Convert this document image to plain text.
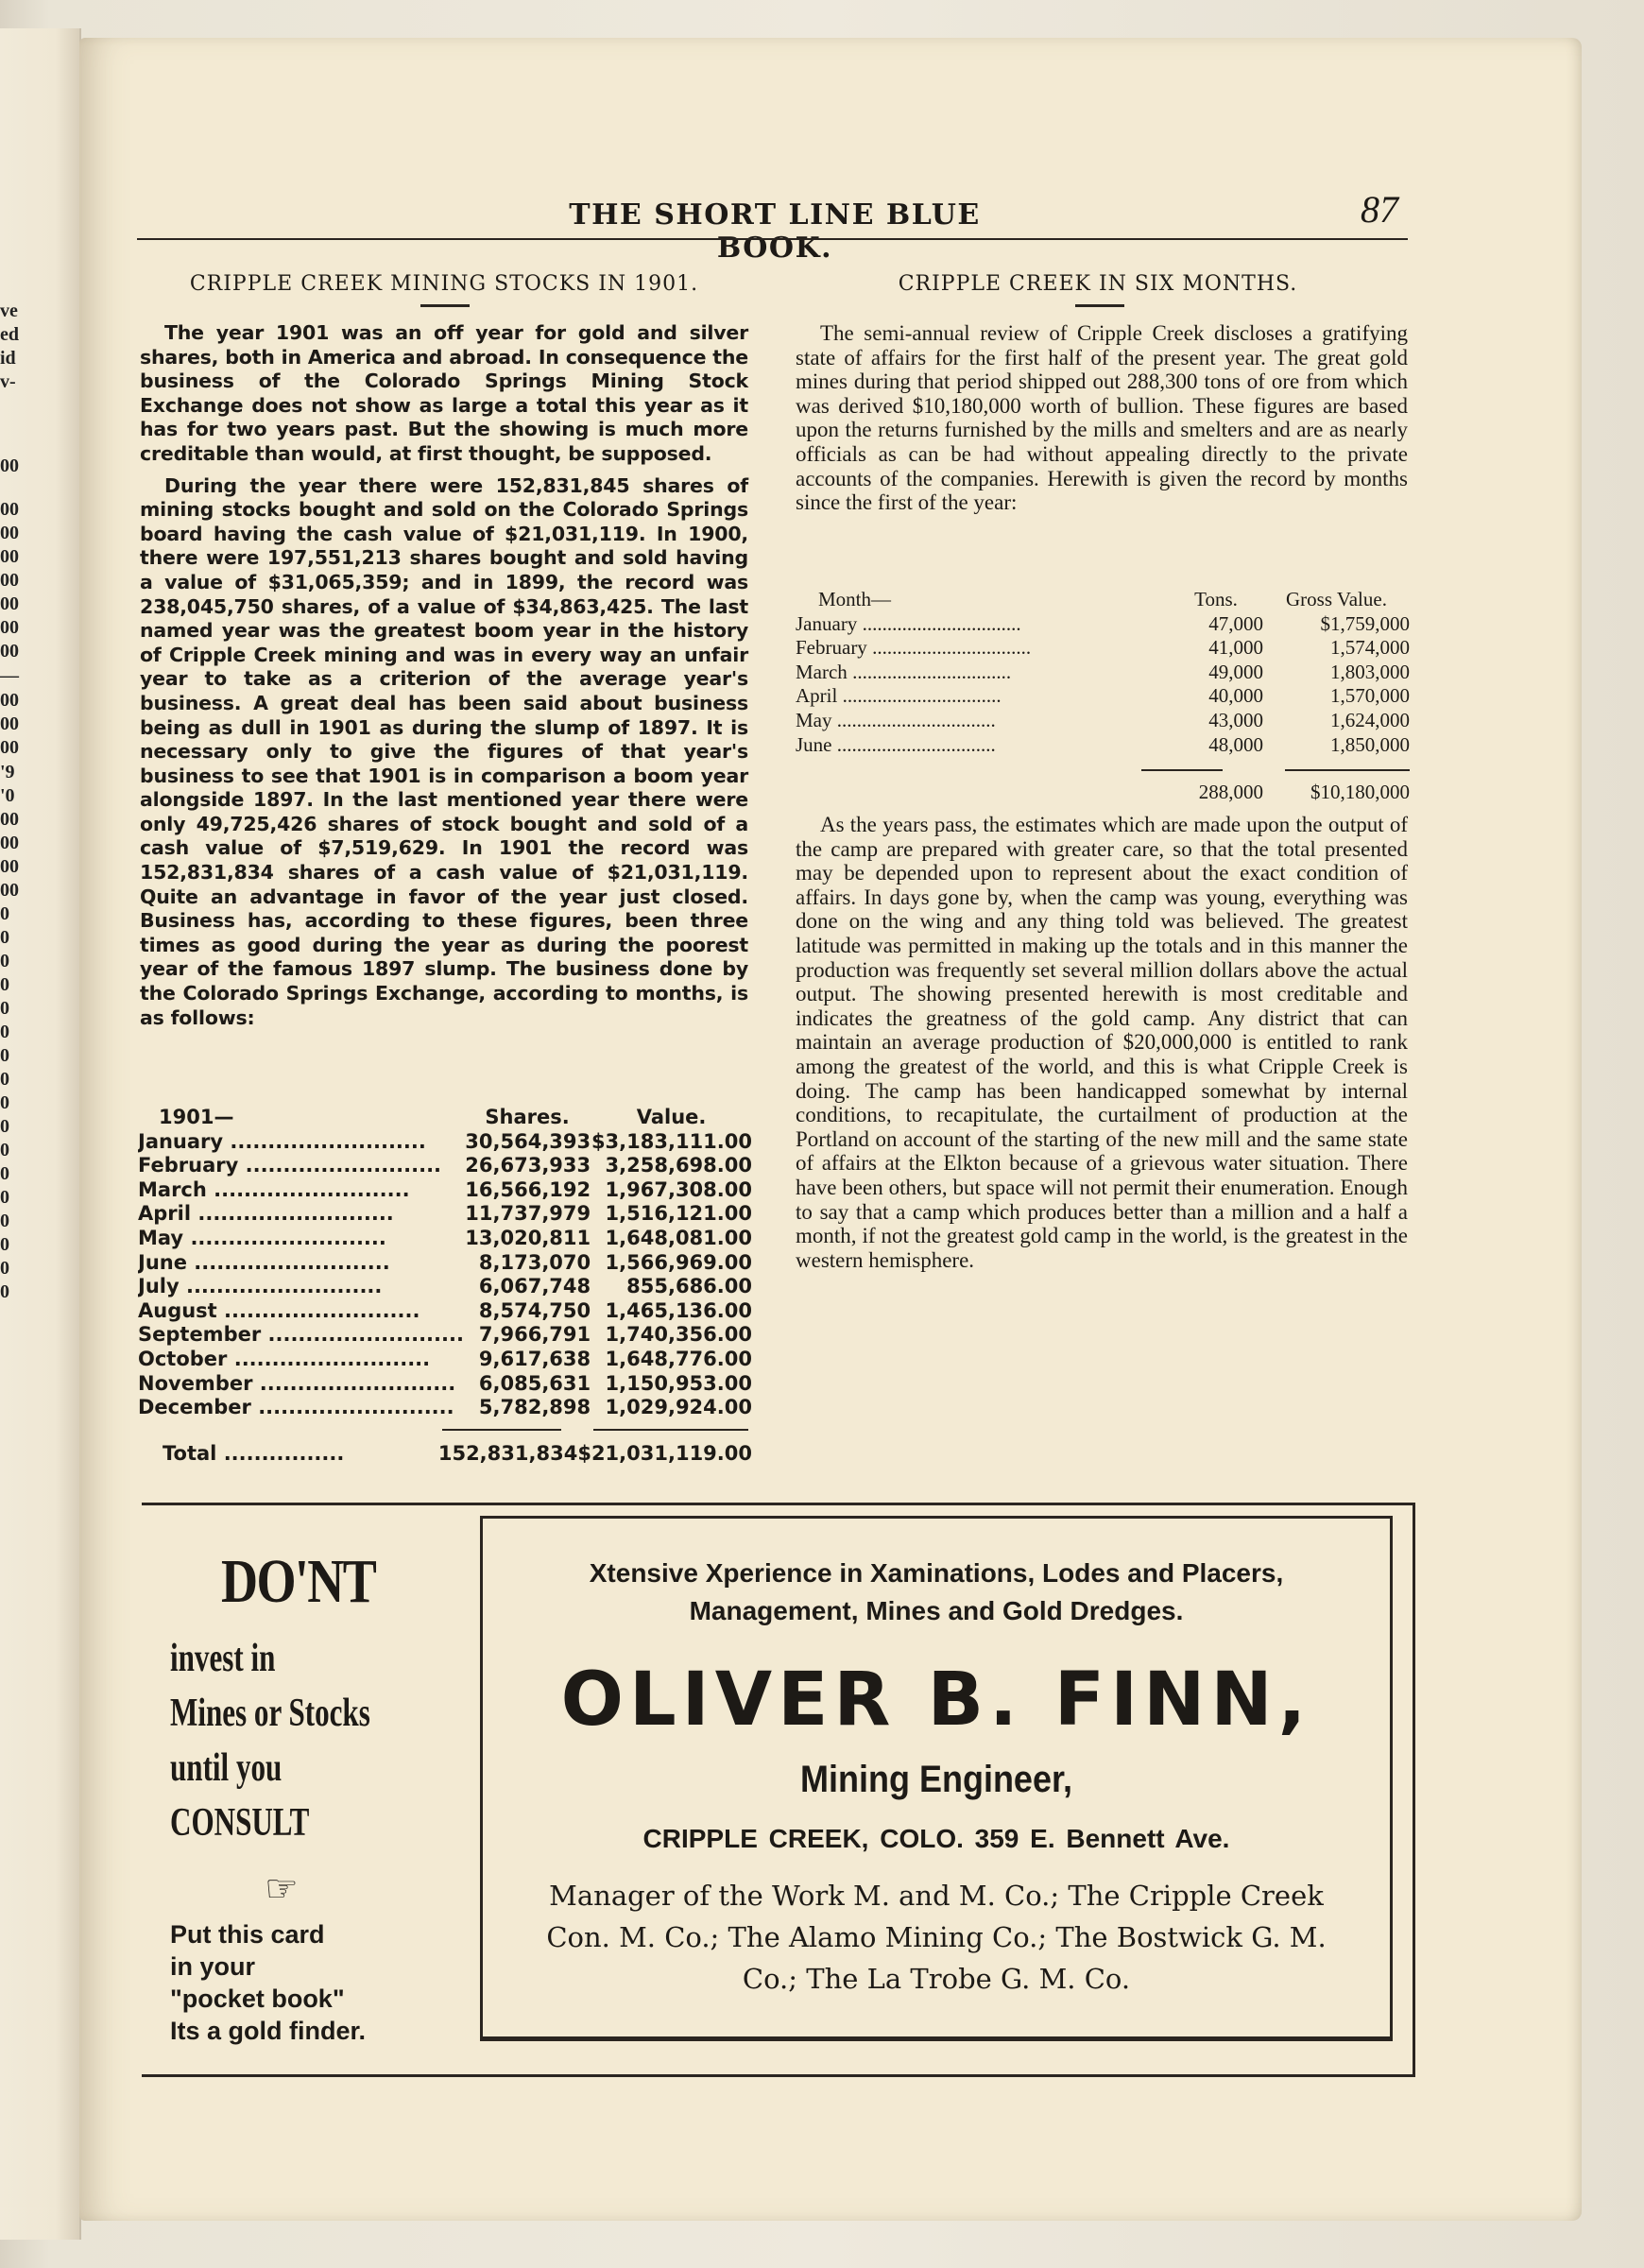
ve
ed
id
v-
00
00
00
00
00
00
00
00
—
00
00
00
'9
'0
00
00
00
00
0
0
0
0
0
0
0
0
0
0
0
0
0
0
0
0
0
THE SHORT LINE BLUE BOOK.
87
CRIPPLE CREEK MINING STOCKS IN 1901.

The year 1901 was an off year for gold and silver shares, both in America and abroad. In consequence the business of the Colorado Springs Mining Stock Exchange does not show as large a total this year as it has for two years past. But the showing is much more creditable than would, at first thought, be supposed.

During the year there were 152,831,845 shares of mining stocks bought and sold on the Colorado Springs board having the cash value of $21,031,119. In 1900, there were 197,551,213 shares bought and sold having a value of $31,065,359; and in 1899, the record was 238,045,750 shares, of a value of $34,863,425. The last named year was the greatest boom year in the history of Cripple Creek mining and was in every way an unfair year to take as a criterion of the average year's business. A great deal has been said about business being as dull in 1901 as during the slump of 1897. It is necessary only to give the figures of that year's business to see that 1901 is in comparison a boom year alongside 1897. In the last mentioned year there were only 49,725,426 shares of stock bought and sold of a cash value of $7,519,629. In 1901 the record was 152,831,834 shares of a cash value of $21,031,119. Quite an advantage in favor of the year just closed. Business has, according to these figures, been three times as good during the year as during the poorest year of the famous 1897 slump. The business done by the Colorado Springs Exchange, according to months, is as follows:

1901—	Shares.	Value.
January ..........................	30,564,393	$3,183,111.00
February ..........................	26,673,933	3,258,698.00
March ..........................	16,566,192	1,967,308.00
April ..........................	11,737,979	1,516,121.00
May ..........................	13,020,811	1,648,081.00
June ..........................	8,173,070	1,566,969.00
July ..........................	6,067,748	855,686.00
August ..........................	8,574,750	1,465,136.00
September ..........................	7,966,791	1,740,356.00
October ..........................	9,617,638	1,648,776.00
November ..........................	6,085,631	1,150,953.00
December ..........................	5,782,898	1,029,924.00
Total ................	152,831,834	$21,031,119.00
CRIPPLE CREEK IN SIX MONTHS.

The semi-annual review of Cripple Creek discloses a gratifying state of affairs for the first half of the present year. The great gold mines during that period shipped out 288,300 tons of ore from which was derived $10,180,000 worth of bullion. These figures are based upon the returns furnished by the mills and smelters and are as nearly officials as can be had without appealing directly to the private accounts of the companies. Herewith is given the record by months since the first of the year:

Month—	Tons.	Gross Value.
January ................................	47,000	$1,759,000
February ................................	41,000	1,574,000
March ................................	49,000	1,803,000
April ................................	40,000	1,570,000
May ................................	43,000	1,624,000
June ................................	48,000	1,850,000
	288,000	$10,180,000

As the years pass, the estimates which are made upon the output of the camp are prepared with greater care, so that the total presented may be depended upon to represent about the exact condition of affairs. In days gone by, when the camp was young, everything was done on the wing and any thing told was believed. The greatest latitude was permitted in making up the totals and in this manner the production was frequently set several million dollars above the actual output. The showing presented herewith is most creditable and indicates the greatness of the gold camp. Any district that can maintain an average production of $20,000,000 is entitled to rank among the greatest of the world, and this is what Cripple Creek is doing. The camp has been handicapped somewhat by internal conditions, to recapitulate, the curtailment of production at the Portland on account of the starting of the new mill and the same state of affairs at the Elkton because of a grievous water situation. There have been others, but space will not permit their enumeration. Enough to say that a camp which produces better than a million and a half a month, if not the greatest gold camp in the world, is the greatest in the western hemisphere.

DO'NT
invest in
Mines or Stocks
until you
CONSULT
☞
Put this card
in your
"pocket book"
Its a gold finder.
Xtensive Xperience in Xaminations, Lodes and Placers,
Management, Mines and Gold Dredges.
OLIVER B. FINN,
Mining Engineer,
CRIPPLE CREEK, COLO. 359 E. Bennett Ave.
Manager of the Work M. and M. Co.; The Cripple Creek Con. M. Co.; The Alamo Mining Co.; The Bostwick G. M. Co.; The La Trobe G. M. Co.
